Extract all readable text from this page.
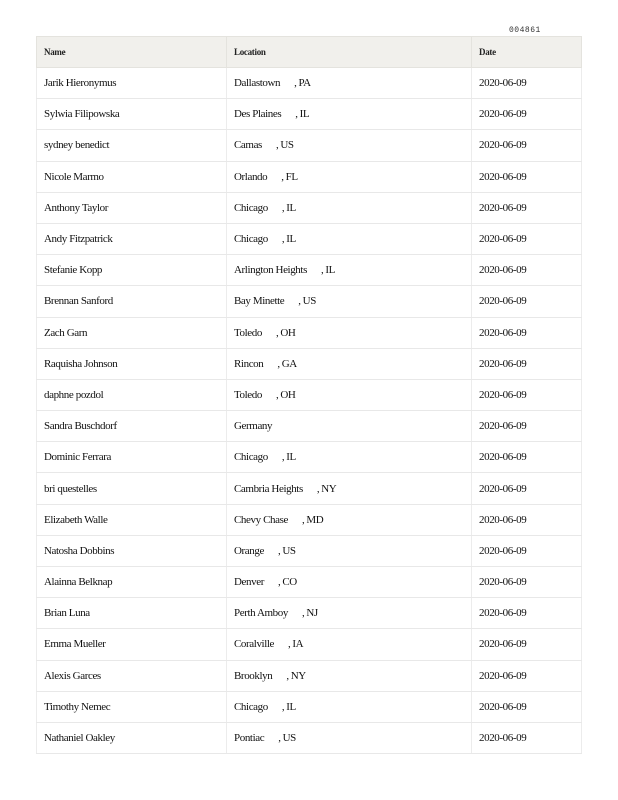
004861
Name	Location	Date
Jarik Hieronymus	Dallastown , PA	2020-06-09
Sylwia Filipowska	Des Plaines , IL	2020-06-09
sydney benedict	Camas , US	2020-06-09
Nicole Marmo	Orlando , FL	2020-06-09
Anthony Taylor	Chicago , IL	2020-06-09
Andy Fitzpatrick	Chicago , IL	2020-06-09
Stefanie Kopp	Arlington Heights , IL	2020-06-09
Brennan Sanford	Bay Minette , US	2020-06-09
Zach Garn	Toledo , OH	2020-06-09
Raquisha Johnson	Rincon , GA	2020-06-09
daphne pozdol	Toledo , OH	2020-06-09
Sandra Buschdorf	Germany	2020-06-09
Dominic Ferrara	Chicago , IL	2020-06-09
bri questelles	Cambria Heights , NY	2020-06-09
Elizabeth Walle	Chevy Chase , MD	2020-06-09
Natosha Dobbins	Orange , US	2020-06-09
Alainna Belknap	Denver , CO	2020-06-09
Brian Luna	Perth Amboy , NJ	2020-06-09
Emma Mueller	Coralville , IA	2020-06-09
Alexis Garces	Brooklyn , NY	2020-06-09
Timothy Nemec	Chicago , IL	2020-06-09
Nathaniel Oakley	Pontiac , US	2020-06-09
